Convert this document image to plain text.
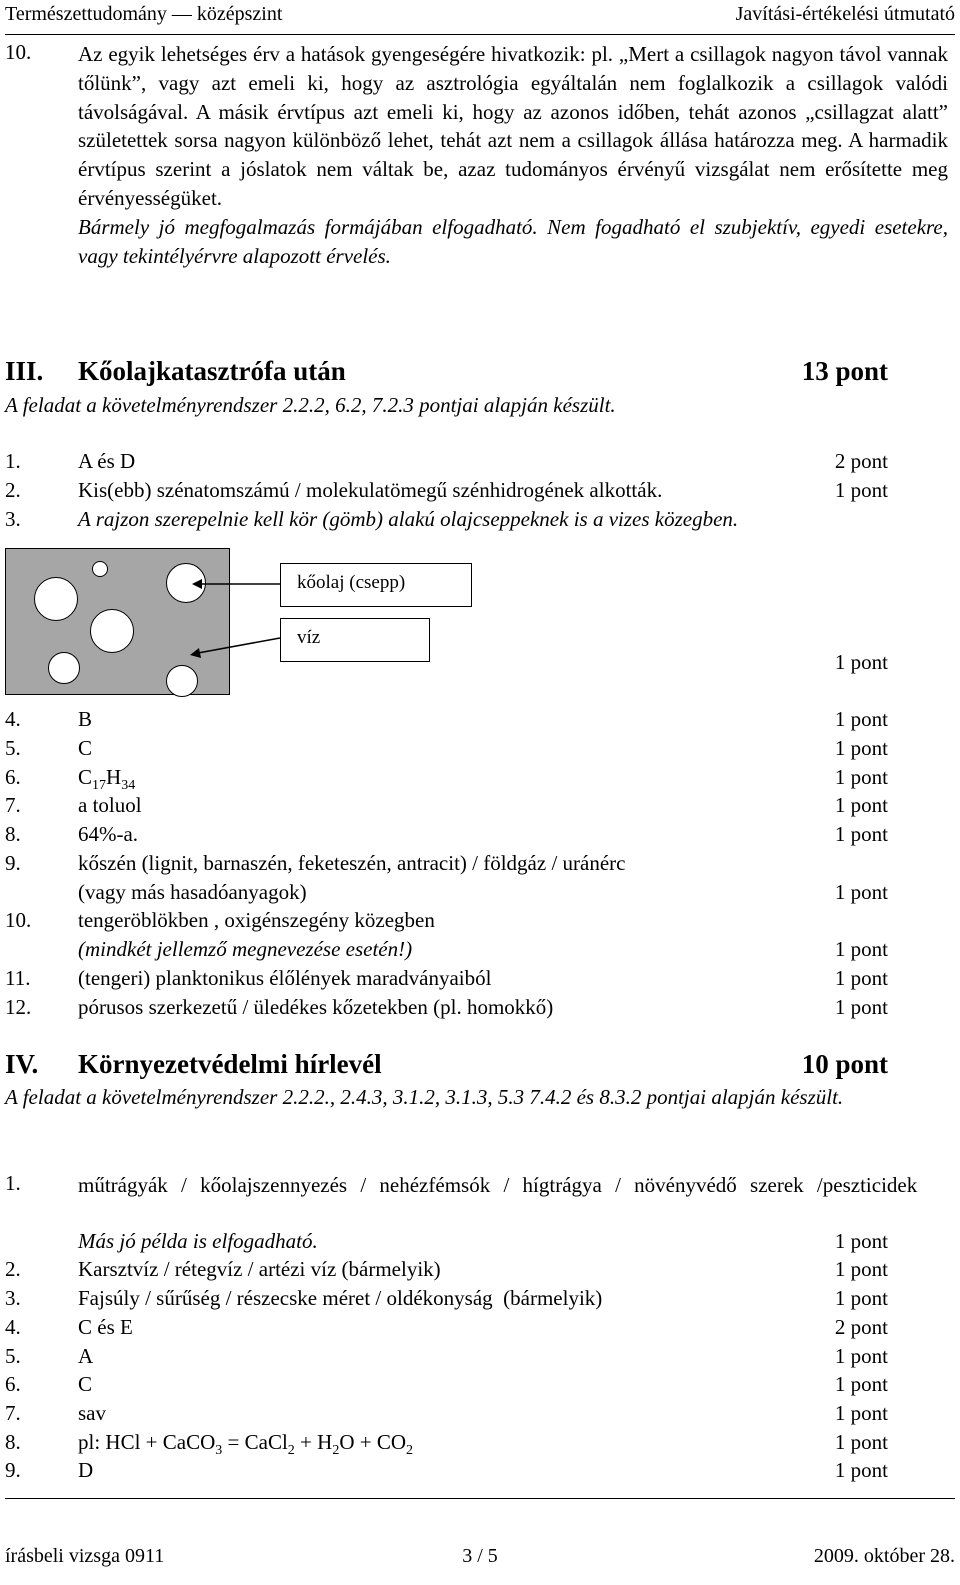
Természettudomány — középszint	Javítási-értékelési útmutató
10. Az egyik lehetséges érv a hatások gyengeségére hivatkozik: pl. „Mert a csillagok nagyon távol vannak tőlünk”, vagy azt emeli ki, hogy az asztrológia egyáltalán nem foglalkozik a csillagok valódi távolságával. A másik érvtípus azt emeli ki, hogy az azonos időben, tehát azonos „csillagzat alatt” születettek sorsa nagyon különböző lehet, tehát azt nem a csillagok állása határozza meg. A harmadik érvtípus szerint a jóslatok nem váltak be, azaz tudományos érvényű vizsgálat nem erősítette meg érvényességüket.

Bármely jó megfogalmazás formájában elfogadható. Nem fogadható el szubjektív, egyedi esetekre, vagy tekintélyérvre alapozott érvelés.

III. Kőolajkatasztrófa után	13 pont
A feladat a követelményrendszer 2.2.2, 6.2, 7.2.3 pontjai alapján készült.
1.	A és D	2 pont
2.	Kis(ebb) szénatomszámú / molekulatömegű szénhidrogének alkották.	1 pont
3.	A rajzon szerepelnie kell kör (gömb) alakú olajcseppeknek is a vizes közegben.
kőolaj (csepp)
víz
1 pont
4.	B	1 pont
5.	C	1 pont
6.	$C_{17}H_{34}$	1 pont
7.	a toluol	1 pont
8.	64%-a.	1 pont
9.	kőszén (lignit, barnaszén, feketeszén, antracit) / földgáz / uránérc
(vagy más hasadóanyagok)	1 pont
10. tengeröblökben , oxigénszegény közegben
(mindkét jellemző megnevezése esetén!)	1 pont
11. (tengeri) planktonikus élőlények maradványaiból	1 pont
12. pórusos szerkezetű / üledékes kőzetekben (pl. homokkő)	1 pont
IV. Környezetvédelmi hírlevél	10 pont
A feladat a követelményrendszer 2.2.2., 2.4.3, 3.1.2, 3.1.3, 5.3 7.4.2 és 8.3.2 pontjai alapján készült.
1.	műtrágyák / kőolajszennyezés / nehézfémsók / hígtrágya / növényvédő szerek /peszticidek

Más jó példa is elfogadható.	1 pont
2.	Karsztvíz / rétegvíz / artézi víz (bármelyik)	1 pont
3.	Fajsúly / sűrűség / részecske méret / oldékonyság  (bármelyik)	1 pont
4.	C és E	2 pont
5.	A	1 pont
6.	C	1 pont
7.	sav	1 pont
8.	pl: HCl + CaCO$_3$ = CaCl$_2$ + $H_2O + CO_2$	1 pont
9.	D	1 pont
írásbeli vizsga 0911	3 / 5	2009. október 28.
